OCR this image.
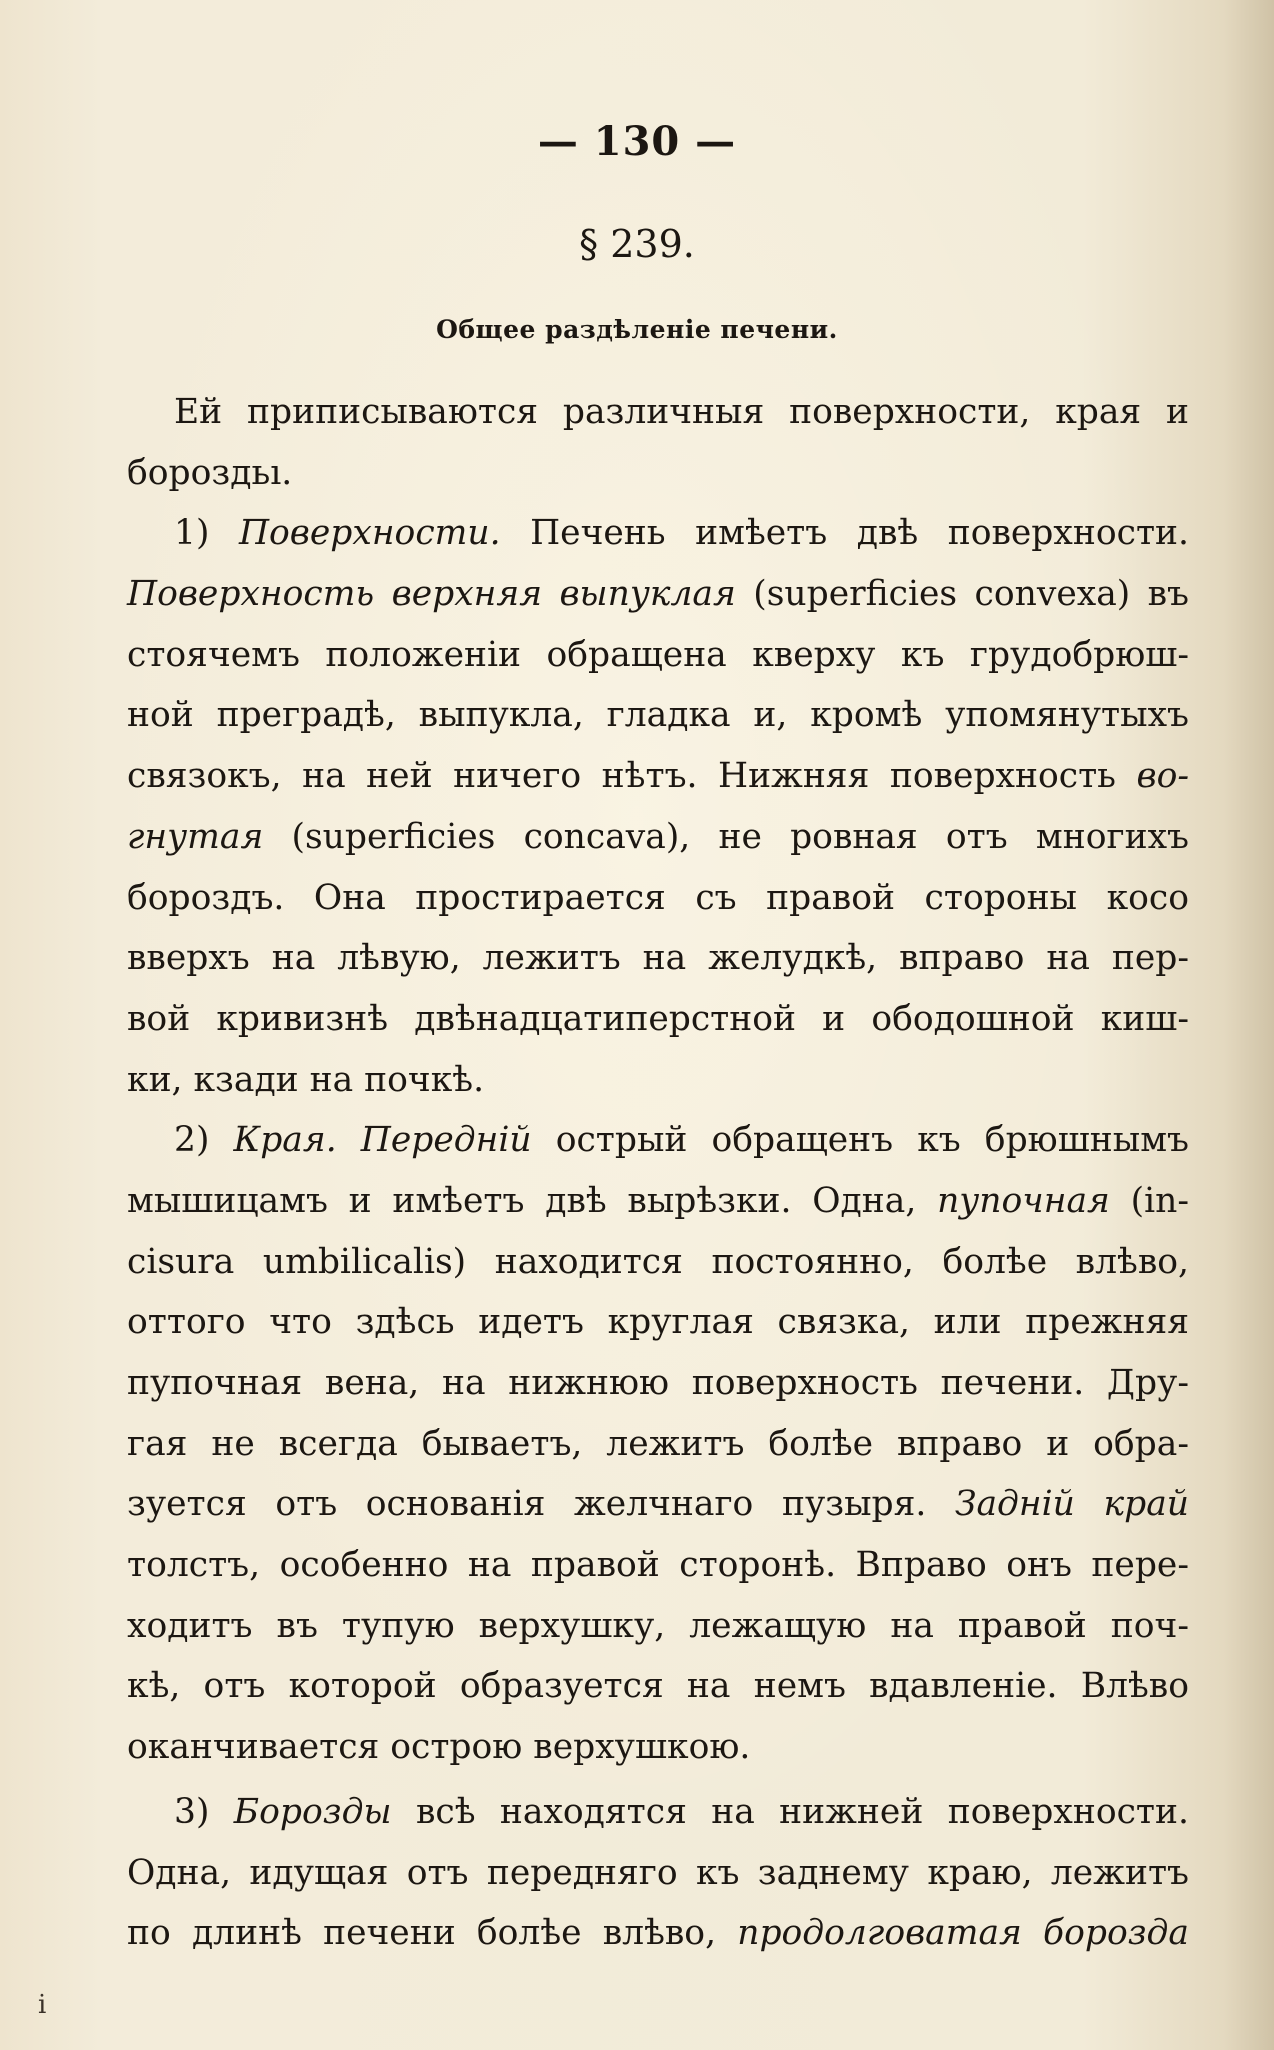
— 130 —
§ 239.
Общее раздѣленіе печени.
Ей приписываются различныя поверхности, края и
бороздьı.
1) Поверхности. Печень имѣетъ двѣ поверхности.
Поверхность верхняя выпуклая (superficies convexa) въ
стоячемъ положеніи обращена кверху къ грудобрюш-
ной преградѣ, выпукла, гладка и, кромѣ упомянутыхъ
связокъ, на ней ничего нѣтъ. Нижняя поверхность во-
гнутая (superficies concava), не ровная отъ многихъ
бороздъ. Она простирается съ правой стороны косо
вверхъ на лѣвую, лежитъ на желудкѣ, вправо на пер-
вой кривизнѣ двѣнадцатиперстной и ободошной киш-
ки, кзади на почкѣ.
2) Края. Передній острый обращенъ къ брюшнымъ
мышицамъ и имѣетъ двѣ вырѣзки. Одна, пупочная (in-
cisura umbilicalis) находится постоянно, болѣе влѣво,
оттого что здѣсь идетъ круглая связка, или прежняя
пупочная вена, на нижнюю поверхность печени. Дру-
гая не всегда бываетъ, лежитъ болѣе вправо и обра-
зуется отъ основанія желчнаго пузыря. Задній край
толстъ, особенно на правой сторонѣ. Вправо онъ пере-
ходитъ въ тупую верхушку, лежащую на правой поч-
кѣ, отъ которой образуется на немъ вдавленіе. Влѣво
оканчивается острою верхушкою.
3) Борозды всѣ находятся на нижней поверхности.
Одна, идущая отъ передняго къ заднему краю, лежитъ
по длинѣ печени болѣе влѣво, продолговатая борозда
i
